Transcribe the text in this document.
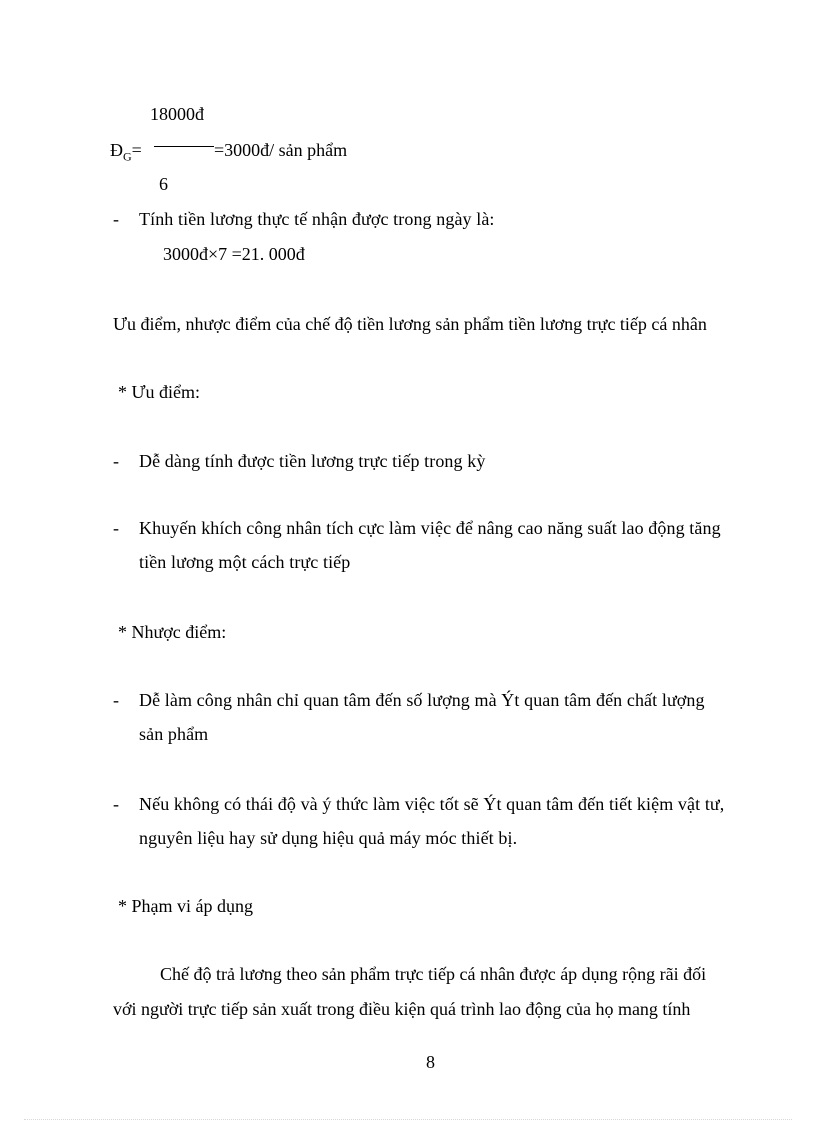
18000đ
$Đ_G=$	=3000đ/ sản phẩm
6
- Tính tiền lương thực tế nhận được trong ngày là:
3000đ×7 =21. 000đ
Ưu điểm, nhược điểm của chế độ tiền lương sản phẩm tiền lương trực tiếp cá nhân
* Ưu điểm:
- Dễ dàng tính được tiền lương trực tiếp trong kỳ
- Khuyến khích công nhân tích cực làm việc để nâng cao năng suất lao động tăng
tiền lương một cách trực tiếp
* Nhược điểm:
- Dễ làm công nhân chỉ quan tâm đến số lượng mà Ýt quan tâm đến chất lượng
sản phẩm
- Nếu không có thái độ và ý thức làm việc tốt sẽ Ýt quan tâm đến tiết kiệm vật tư,
nguyên liệu hay sử dụng hiệu quả máy móc thiết bị.
* Phạm vi áp dụng
Chế độ trả lương theo sản phẩm trực tiếp cá nhân được áp dụng rộng rãi đối
với người trực tiếp sản xuất trong điều kiện quá trình lao động của họ mang tính
8
